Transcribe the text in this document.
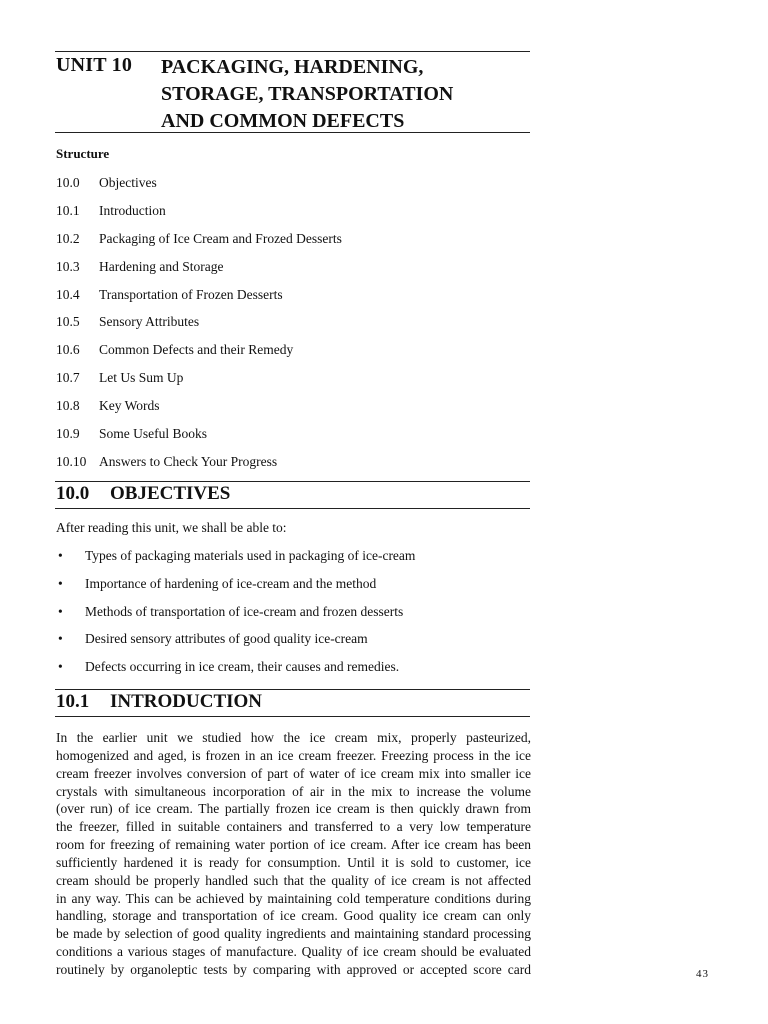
UNIT 10 PACKAGING, HARDENING,
STORAGE, TRANSPORTATION
AND COMMON DEFECTS
Structure
10.0 Objectives
10.1 Introduction
10.2 Packaging of Ice Cream and Frozed Desserts
10.3 Hardening and Storage
10.4 Transportation of Frozen Desserts
10.5 Sensory Attributes
10.6 Common Defects and their Remedy
10.7 Let Us Sum Up
10.8 Key Words
10.9 Some Useful Books
10.10 Answers to Check Your Progress
10.0 OBJECTIVES
After reading this unit, we shall be able to:
• Types of packaging materials used in packaging of ice-cream
• Importance of hardening of ice-cream and the method
• Methods of transportation of ice-cream and frozen desserts
• Desired sensory attributes of good quality ice-cream
• Defects occurring in ice cream, their causes and remedies.
10.1 INTRODUCTION
In the earlier unit we studied how the ice cream mix, properly pasteurized,
homogenized and aged, is frozen in an ice cream freezer. Freezing process in the ice
cream freezer involves conversion of part of water of ice cream mix into smaller ice
crystals with simultaneous incorporation of air in the mix to increase the volume
(over run) of ice cream. The partially frozen ice cream is then quickly drawn from
the freezer, filled in suitable containers and transferred to a very low temperature
room for freezing of remaining water portion of ice cream. After ice cream has been
sufficiently hardened it is ready for consumption. Until it is sold to customer, ice
cream should be properly handled such that the quality of ice cream is not affected
in any way. This can be achieved by maintaining cold temperature conditions during
handling, storage and transportation of ice cream. Good quality ice cream can only
be made by selection of good quality ingredients and maintaining standard processing
conditions a various stages of manufacture. Quality of ice cream should be evaluated
routinely by organoleptic tests by comparing with approved or accepted score card	43
